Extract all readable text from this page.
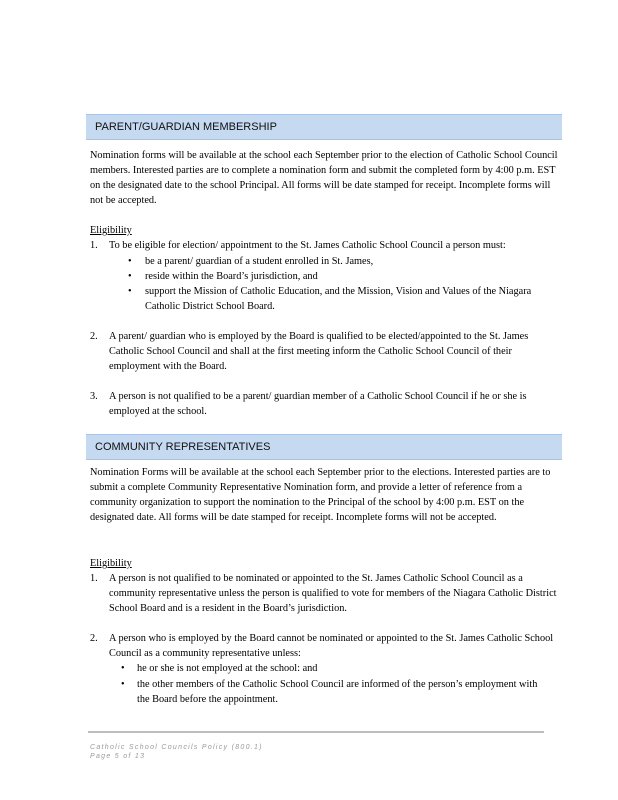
PARENT/GUARDIAN MEMBERSHIP

Nomination forms will be available at the school each September prior to the election of Catholic School Council members. Interested parties are to complete a nomination form and submit the completed form by 4:00 p.m. EST on the designated date to the school Principal. All forms will be date stamped for receipt. Incomplete forms will not be accepted.

Eligibility
1. To be eligible for election/ appointment to the St. James Catholic School Council a person must:
• be a parent/ guardian of a student enrolled in St. James,
• reside within the Board’s jurisdiction, and
• support the Mission of Catholic Education, and the Mission, Vision and Values of the Niagara Catholic District School Board.
2. A parent/ guardian who is employed by the Board is qualified to be elected/appointed to the St. James Catholic School Council and shall at the first meeting inform the Catholic School Council of their employment with the Board.
3. A person is not qualified to be a parent/ guardian member of a Catholic School Council if he or she is employed at the school.
COMMUNITY REPRESENTATIVES

Nomination Forms will be available at the school each September prior to the elections. Interested parties are to submit a complete Community Representative Nomination form, and provide a letter of reference from a community organization to support the nomination to the Principal of the school by 4:00 p.m. EST on the designated date. All forms will be date stamped for receipt. Incomplete forms will not be accepted.

Eligibility
1. A person is not qualified to be nominated or appointed to the St. James Catholic School Council as a community representative unless the person is qualified to vote for members of the Niagara Catholic District School Board and is a resident in the Board’s jurisdiction.
2. A person who is employed by the Board cannot be nominated or appointed to the St. James Catholic School Council as a community representative unless:
• he or she is not employed at the school: and
• the other members of the Catholic School Council are informed of the person’s employment with the Board before the appointment.
Catholic School Councils Policy (800.1)
Page 5 of 13
